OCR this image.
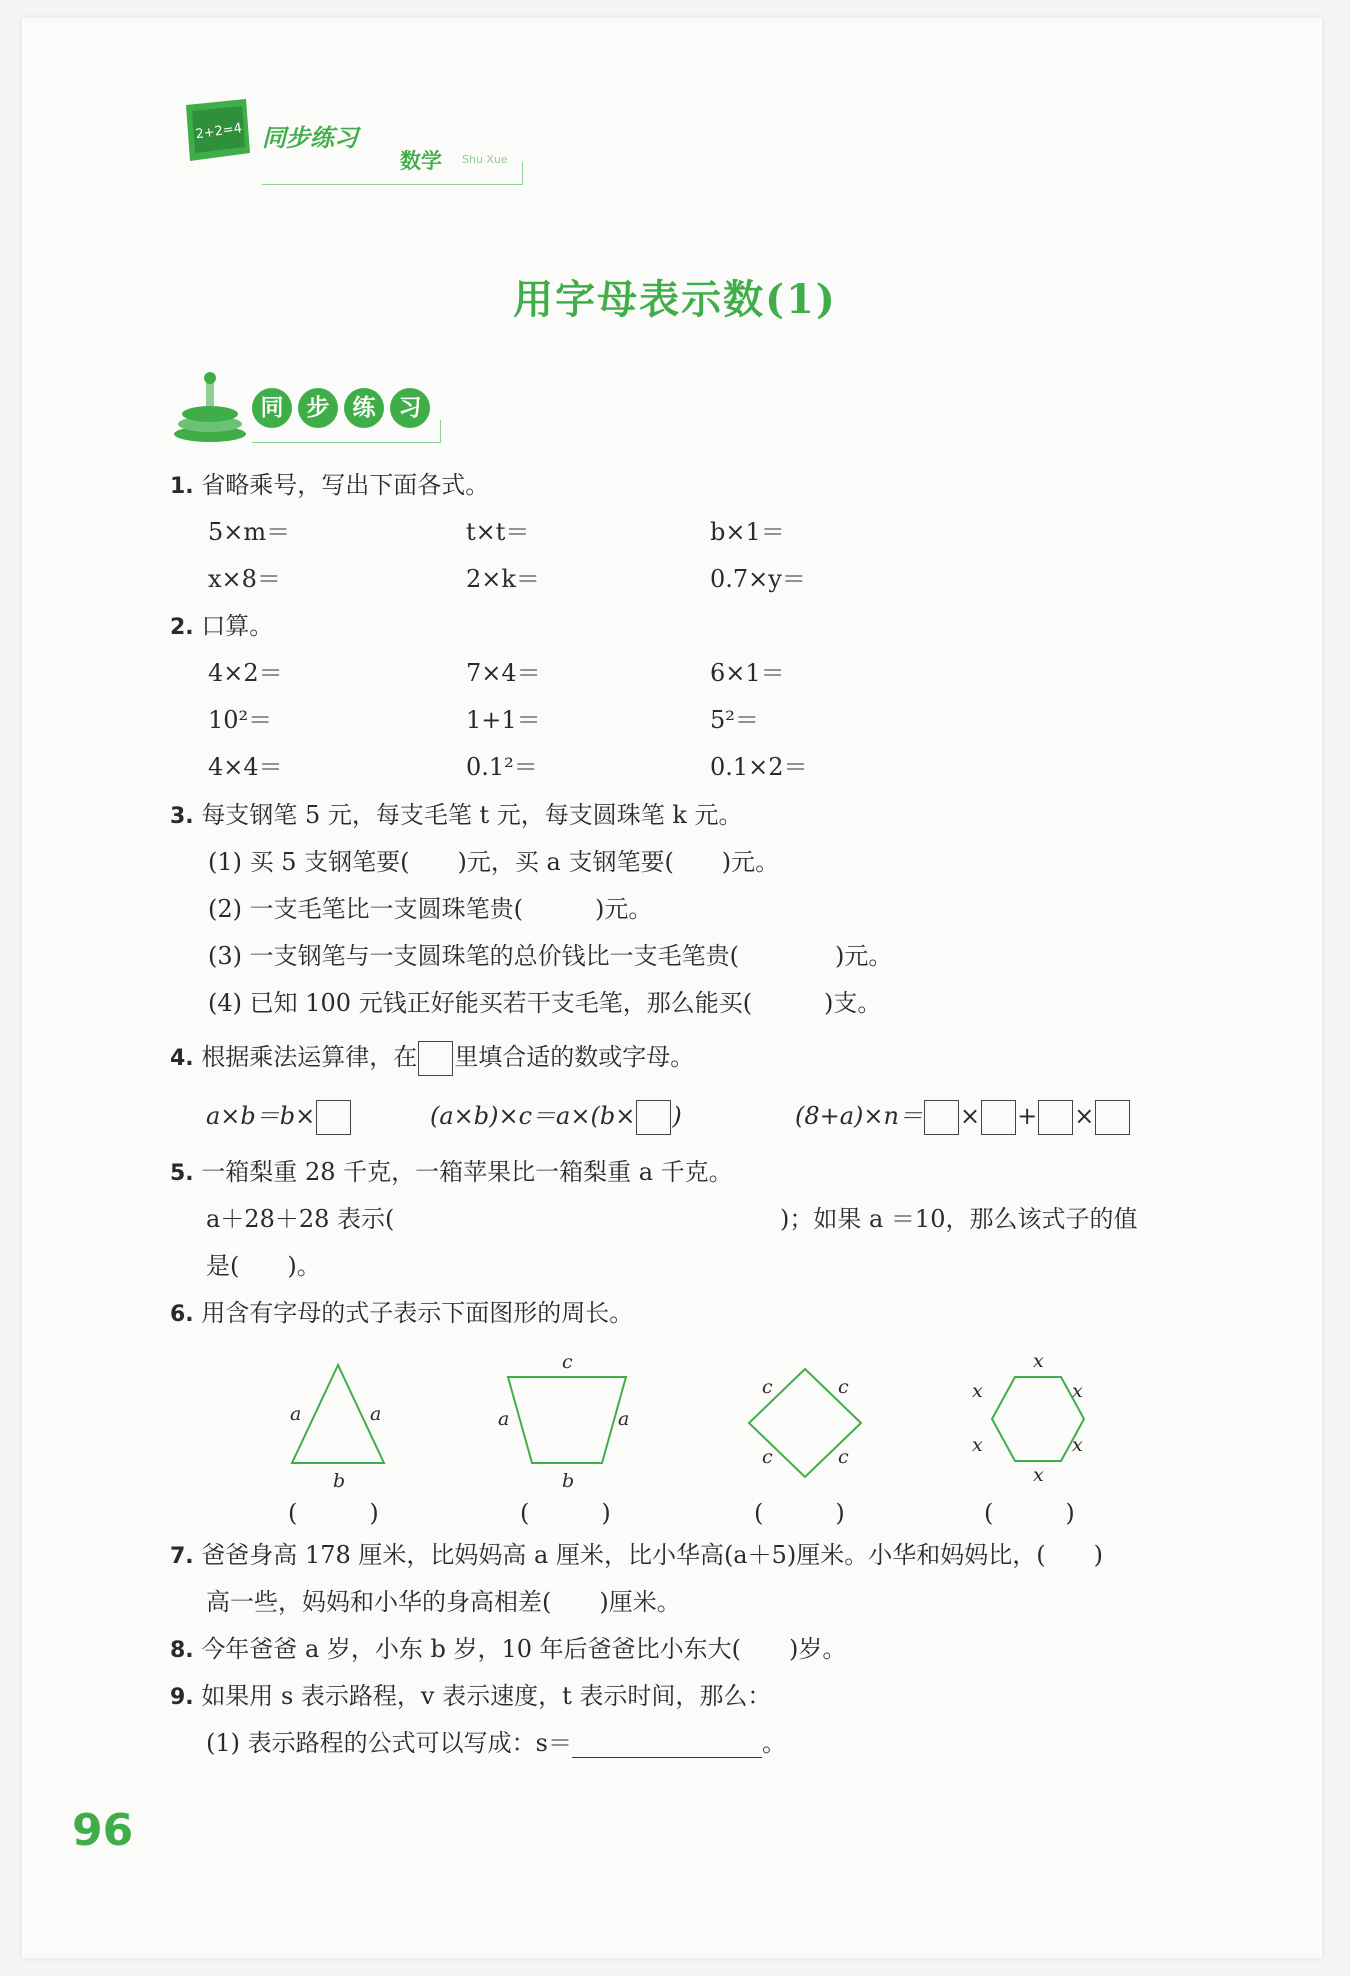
2+2=4 同步练习
数学 Shu Xue
用字母表示数(1)
同	步	练	习
1. 省略乘号，写出下面各式。
5×m＝	t×t＝	b×1＝
x×8＝	2×k＝	0.7×y＝
2. 口算。
4×2＝	7×4＝	6×1＝
10²＝	1+1＝	5²＝
4×4＝	0.1²＝	0.1×2＝
3. 每支钢笔 5 元，每支毛笔 t 元，每支圆珠笔 k 元。
(1) 买 5 支钢笔要(　　)元，买 a 支钢笔要(　　)元。
(2) 一支毛笔比一支圆珠笔贵(　　　)元。
(3) 一支钢笔与一支圆珠笔的总价钱比一支毛笔贵(　　　　)元。
(4) 已知 100 元钱正好能买若干支毛笔，那么能买(　　　)支。
4. 根据乘法运算律，在 里填合适的数或字母。
a×b＝b×	(a×b)×c＝a×(b× )	(8+a)×n＝ × + ×
5. 一箱梨重 28 千克，一箱苹果比一箱梨重 a 千克。
a＋28＋28 表示(	)；如果 a ＝10，那么该式子的值
是(　　)。
6. 用含有字母的式子表示下面图形的周长。
a	a
b
c
a	a
b
c	c
c	c
x
x
x
x
x
x
(　　　)	(　　　)	(　　　)	(　　　)
7. 爸爸身高 178 厘米，比妈妈高 a 厘米，比小华高(a＋5)厘米。小华和妈妈比，(　　)
高一些，妈妈和小华的身高相差(　　)厘米。
8. 今年爸爸 a 岁，小东 b 岁，10 年后爸爸比小东大(　　)岁。
9. 如果用 s 表示路程，v 表示速度，t 表示时间，那么：
(1) 表示路程的公式可以写成：s＝	。
96
